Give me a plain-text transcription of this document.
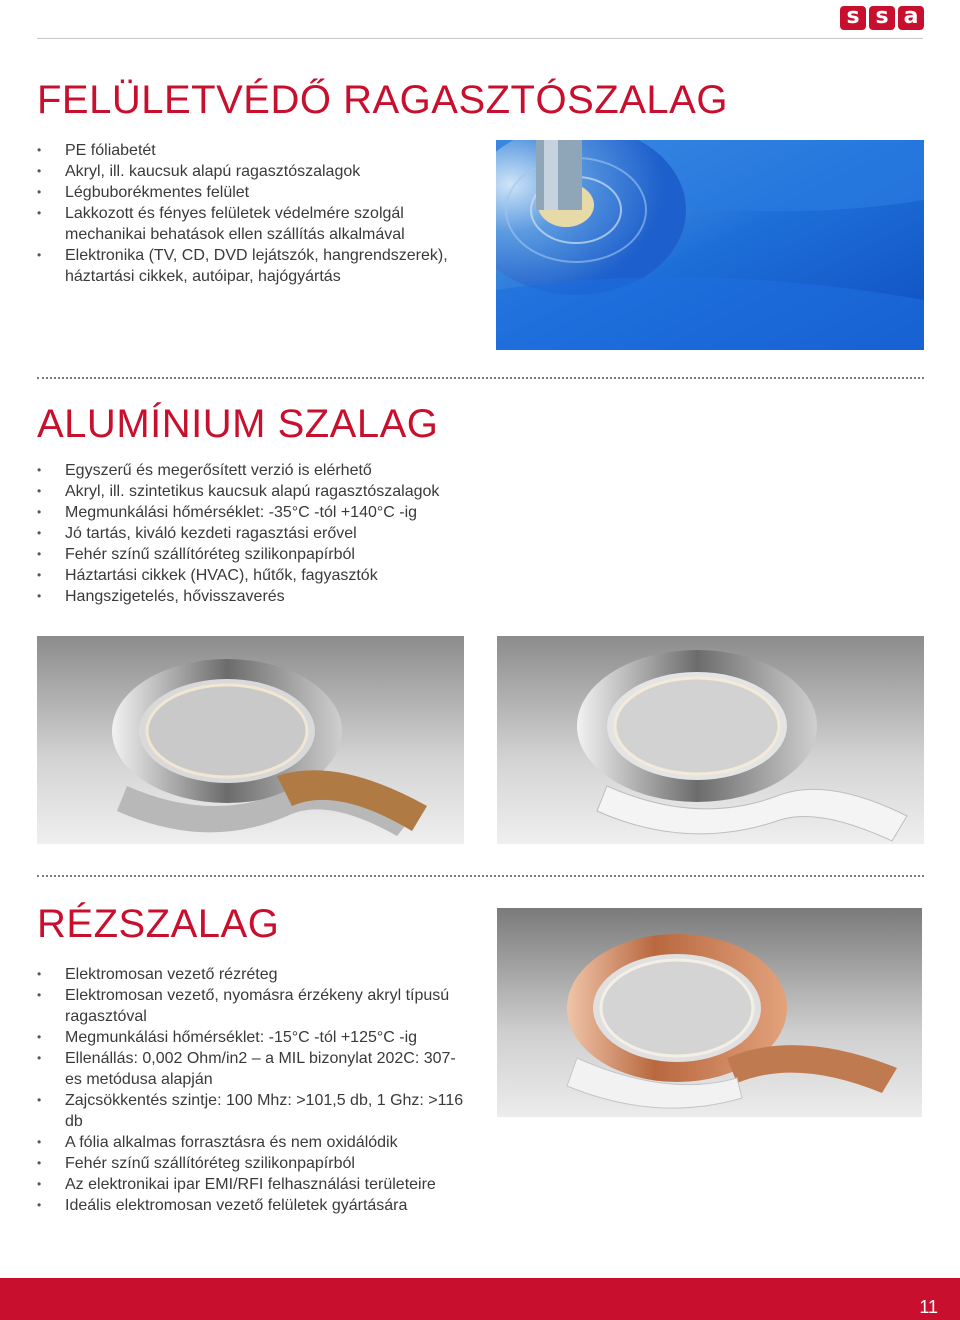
s s a
FELÜLETVÉDŐ RAGASZTÓSZALAG
• PE fóliabetét
• Akryl, ill. kaucsuk alapú ragasztószalagok
• Légbuborékmentes felület
• Lakkozott és fényes felületek védelmére szolgál mechanikai behatások ellen szállítás alkalmával
• Elektronika (TV, CD, DVD lejátszók, hangrendszerek), háztartási cikkek, autóipar, hajógyártás
ALUMÍNIUM SZALAG
• Egyszerű és megerősített verzió is elérhető
• Akryl, ill. szintetikus kaucsuk alapú ragasztószalagok
• Megmunkálási hőmérséklet: -35°C -tól +140°C -ig
• Jó tartás, kiváló kezdeti ragasztási erővel
• Fehér színű szállítóréteg szilikonpapírból
• Háztartási cikkek (HVAC), hűtők, fagyasztók
• Hangszigetelés, hővisszaverés
RÉZSZALAG
• Elektromosan vezető rézréteg
• Elektromosan vezető, nyomásra érzékeny akryl típusú ragasztóval
• Megmunkálási hőmérséklet: -15°C -tól +125°C -ig
• Ellenállás: 0,002 Ohm/in2 – a MIL bizonylat 202C: 307-es metódusa alapján
• Zajcsökkentés szintje: 100 Mhz: >101,5 db, 1 Ghz: >116 db
• A fólia alkalmas forrasztásra és nem oxidálódik
• Fehér színű szállítóréteg szilikonpapírból
• Az elektronikai ipar EMI/RFI felhasználási területeire
• Ideális elektromosan vezető felületek gyártására
11
